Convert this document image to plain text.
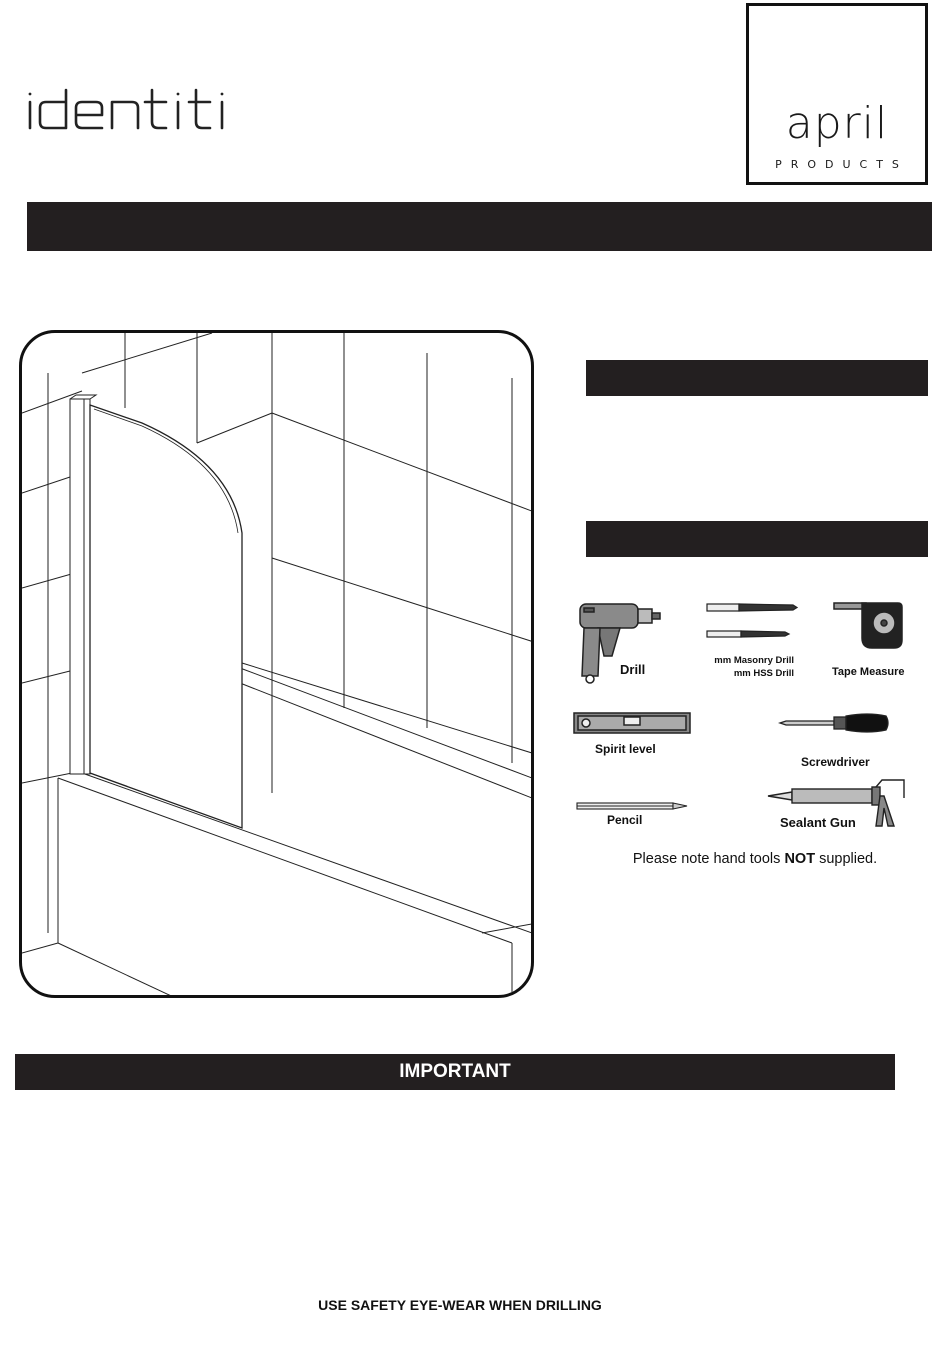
april
PRODUCTS
Drill
mm Masonry Drill
mm HSS Drill	Tape Measure
Spirit level
Screwdriver
Pencil	Sealant Gun
Please note hand tools NOT supplied.
IMPORTANT
USE SAFETY EYE-WEAR WHEN DRILLING
